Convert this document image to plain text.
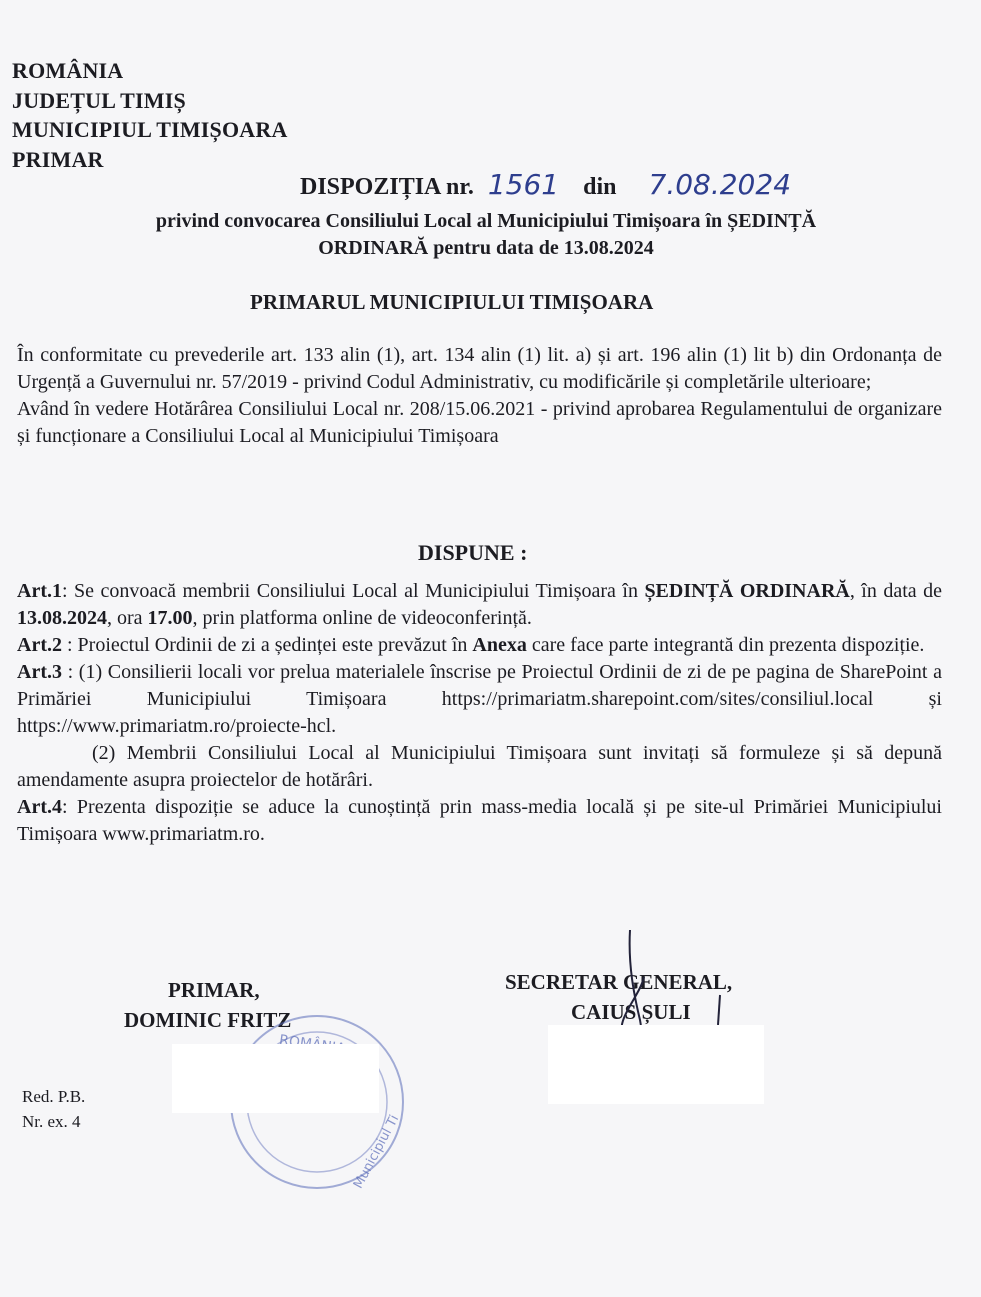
ROMÂNIA
JUDEȚUL TIMIȘ
MUNICIPIUL TIMIȘOARA
PRIMAR
DISPOZIȚIA nr. 1561 din 7.08.2024
privind convocarea Consiliului Local al Municipiului Timișoara în ȘEDINȚĂ
ORDINARĂ pentru data de 13.08.2024
PRIMARUL MUNICIPIULUI TIMIȘOARA

În conformitate cu prevederile art. 133 alin (1), art. 134 alin (1) lit. a) și art. 196 alin (1) lit b) din Ordonanța de Urgență a Guvernului nr. 57/2019 - privind Codul Administrativ, cu modificările și completările ulterioare;

Având în vedere Hotărârea Consiliului Local nr. 208/15.06.2021 - privind aprobarea Regulamentului de organizare și funcționare a Consiliului Local al Municipiului Timișoara

DISPUNE :

Art.1: Se convoacă membrii Consiliului Local al Municipiului Timișoara în ȘEDINȚĂ ORDINARĂ, în data de 13.08.2024, ora 17.00, prin platforma online de videoconferință.

Art.2 : Proiectul Ordinii de zi a ședinței este prevăzut în Anexa care face parte integrantă din prezenta dispoziție.

Art.3 : (1) Consilierii locali vor prelua materialele înscrise pe Proiectul Ordinii de zi de pe pagina de SharePoint a Primăriei Municipiului Timișoara https://primariatm.sharepoint.com/sites/consiliul.local și https://www.primariatm.ro/proiecte-hcl.

(2) Membrii Consiliului Local al Municipiului Timișoara sunt invitați să formuleze și să depună amendamente asupra proiectelor de hotărâri.

Art.4: Prezenta dispoziție se aduce la cunoștință prin mass-media locală și pe site-ul Primăriei Municipiului Timișoara www.primariatm.ro.

PRIMAR,
DOMINIC FRITZ
SECRETAR GENERAL,
CAIUS ȘULI
Municipiul Ti
Red. P.B.
Nr. ex. 4
